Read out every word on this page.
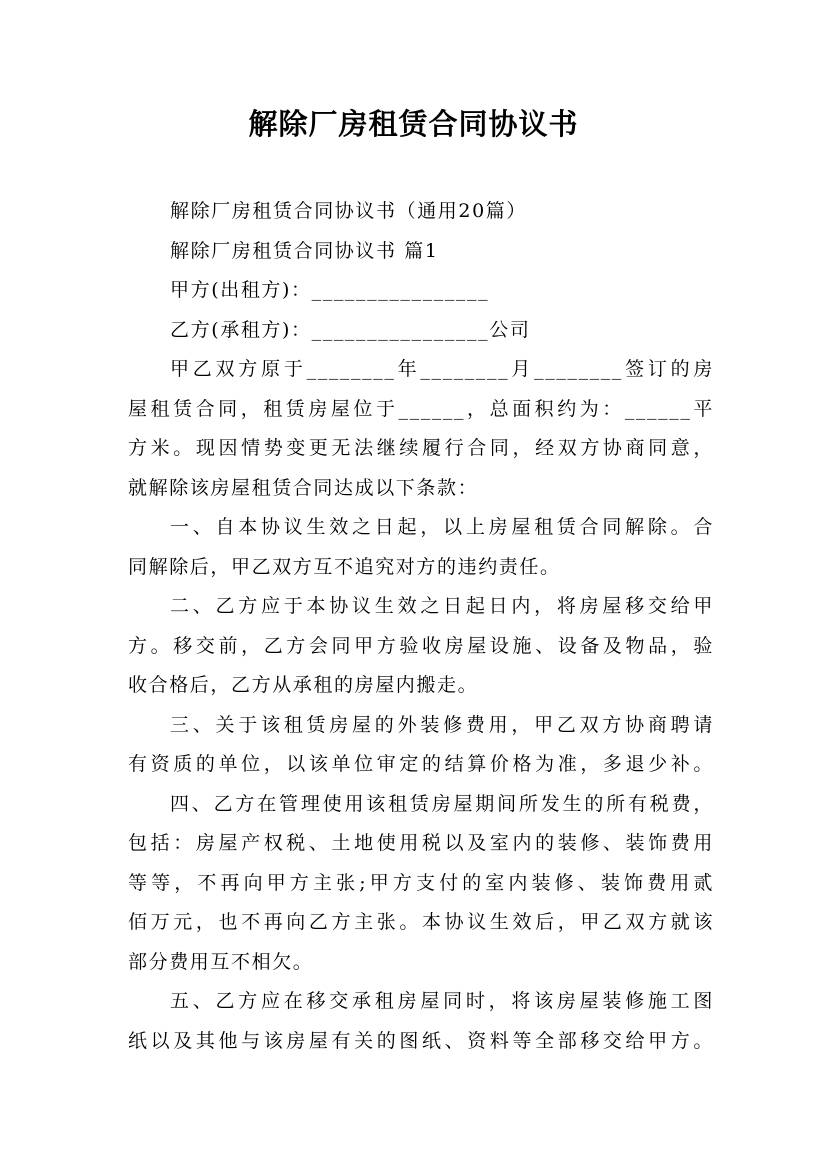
解除厂房租赁合同协议书
解除厂房租赁合同协议书（通用20篇）
解除厂房租赁合同协议书 篇1
甲方(出租方)：________________
乙方(承租方)：________________公司
甲乙双方原于________年________月________签订的房
屋租赁合同，租赁房屋位于______，总面积约为：______平
方米。现因情势变更无法继续履行合同，经双方协商同意，
就解除该房屋租赁合同达成以下条款：
一、自本协议生效之日起，以上房屋租赁合同解除。合
同解除后，甲乙双方互不追究对方的违约责任。
二、乙方应于本协议生效之日起日内，将房屋移交给甲
方。移交前，乙方会同甲方验收房屋设施、设备及物品，验
收合格后，乙方从承租的房屋内搬走。
三、关于该租赁房屋的外装修费用，甲乙双方协商聘请
有资质的单位，以该单位审定的结算价格为准，多退少补。
四、乙方在管理使用该租赁房屋期间所发生的所有税费，
包括：房屋产权税、土地使用税以及室内的装修、装饰费用
等等，不再向甲方主张;甲方支付的室内装修、装饰费用贰
佰万元，也不再向乙方主张。本协议生效后，甲乙双方就该
部分费用互不相欠。
五、乙方应在移交承租房屋同时，将该房屋装修施工图
纸以及其他与该房屋有关的图纸、资料等全部移交给甲方。
